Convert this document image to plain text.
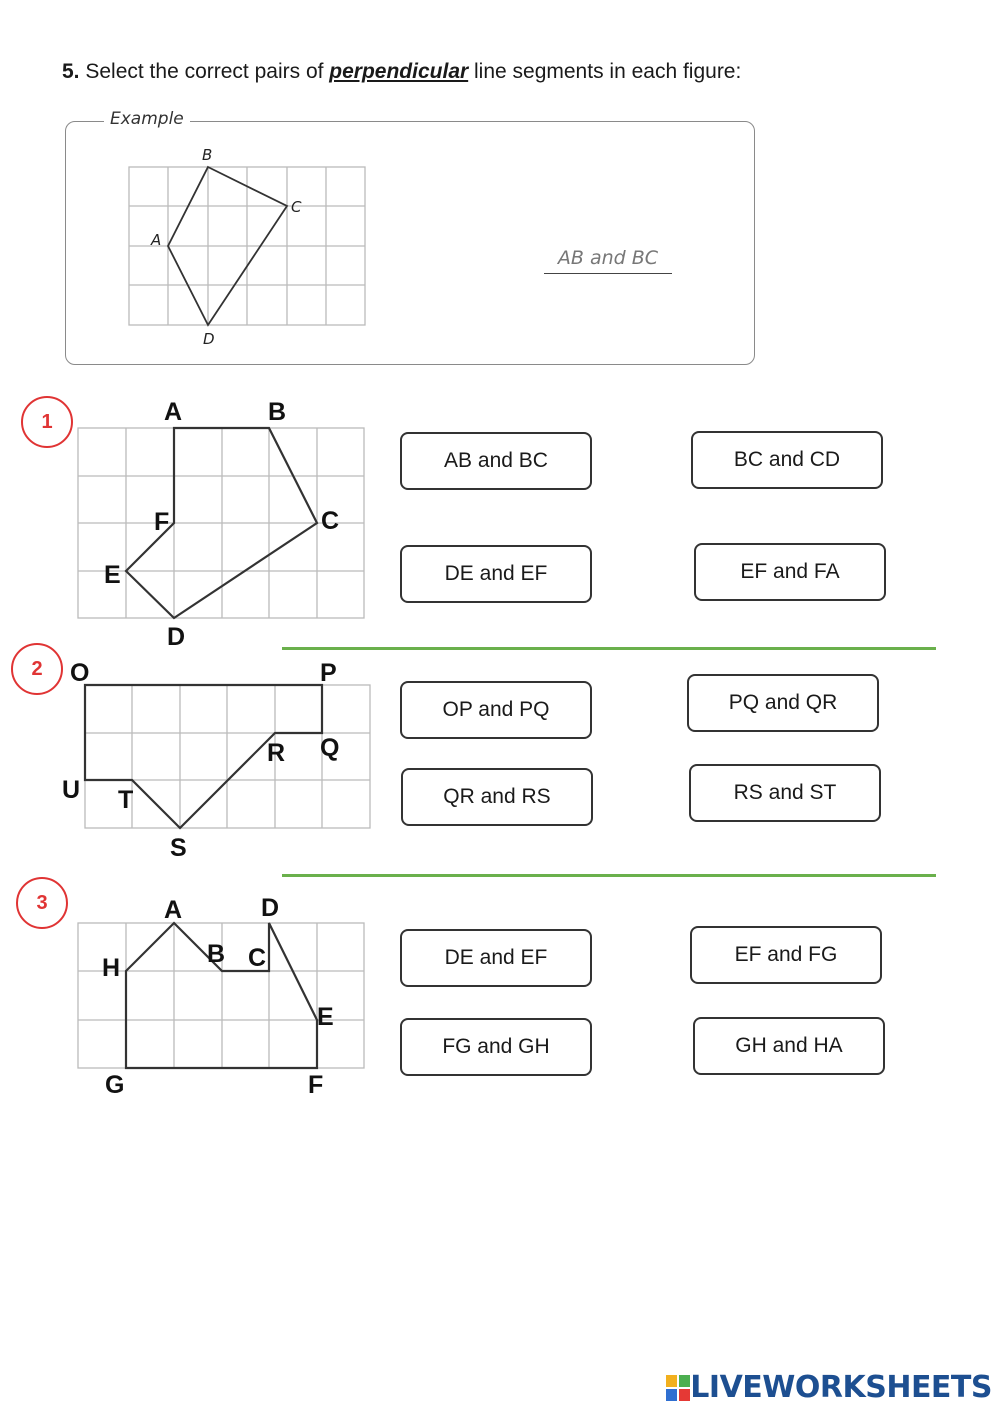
5. Select the correct pairs of perpendicular line segments in each figure:
Example
B
C
A
D
A	B
C
D
E
F
O	P
Q
R
S
T
U
A
B C
D
E
F
G
H
AB and BC
1
2
3
AB and BC	BC and CD
DE and EF	EF and FA
OP and PQ	PQ and QR
QR and RS	RS and ST
DE and EF	EF and FG
FG and GH	GH and HA
LIVEWORKSHEETS
